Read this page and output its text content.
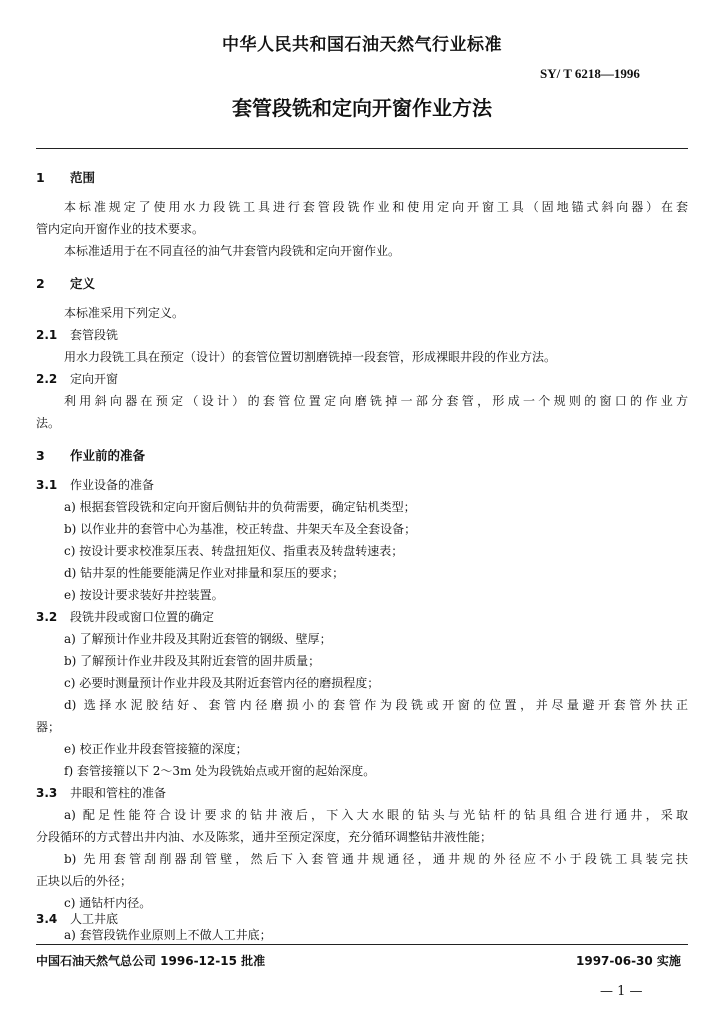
中华人民共和国石油天然气行业标准
SY/ T 6218—1996
套管段铣和定向开窗作业方法
1 范围
本标准规定了使用水力段铣工具进行套管段铣作业和使用定向开窗工具（固地锚式斜向器）在套
管内定向开窗作业的技术要求。
本标准适用于在不同直径的油气井套管内段铣和定向开窗作业。
2 定义
本标准采用下列定义。
2.1 套管段铣
用水力段铣工具在预定（设计）的套管位置切割磨铣掉一段套管，形成裸眼井段的作业方法。
2.2 定向开窗
利用斜向器在预定（设计）的套管位置定向磨铣掉一部分套管，形成一个规则的窗口的作业方
法。
3 作业前的准备
3.1 作业设备的准备
a) 根据套管段铣和定向开窗后侧钻井的负荷需要，确定钻机类型；
b) 以作业井的套管中心为基准，校正转盘、井架天车及全套设备；
c) 按设计要求校准泵压表、转盘扭矩仪、指重表及转盘转速表；
d) 钻井泵的性能要能满足作业对排量和泵压的要求；
e) 按设计要求装好井控装置。
3.2 段铣井段或窗口位置的确定
a) 了解预计作业井段及其附近套管的钢级、壁厚；
b) 了解预计作业井段及其附近套管的固井质量；
c) 必要时测量预计作业井段及其附近套管内径的磨损程度；
d) 选择水泥胶结好、套管内径磨损小的套管作为段铣或开窗的位置，并尽量避开套管外扶正
器；
e) 校正作业井段套管接箍的深度；
f) 套管接箍以下 2～3m 处为段铣始点或开窗的起始深度。
3.3 井眼和管柱的准备
a) 配足性能符合设计要求的钻井液后，下入大水眼的钻头与光钻杆的钻具组合进行通井，采取
分段循环的方式替出井内油、水及陈浆，通井至预定深度，充分循环调整钻井液性能；
b) 先用套管刮削器刮管壁，然后下入套管通井规通径，通井规的外径应不小于段铣工具装完扶
正块以后的外径；
c) 通钻杆内径。
3.4 人工井底
a) 套管段铣作业原则上不做人工井底；
中国石油天然气总公司 1996-12-15 批准	1997-06-30 实施
— 1 —
